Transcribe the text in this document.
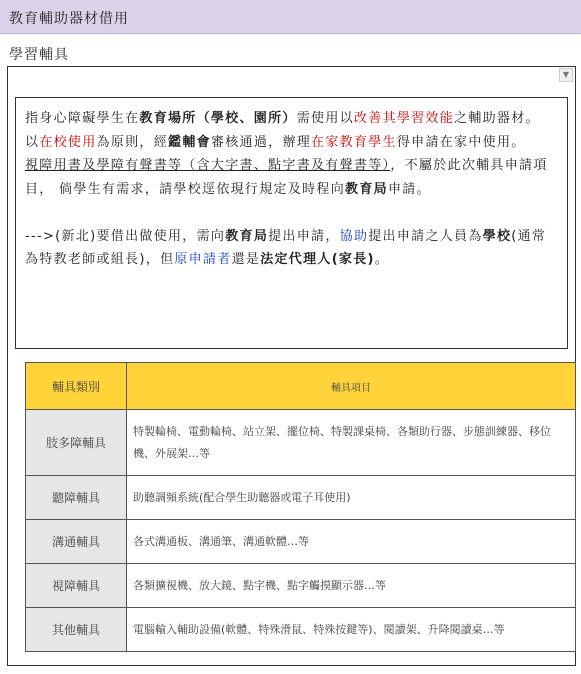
教育輔助器材借用
學習輔具
▼

指身心障礙學生在教育場所（學校、園所）需使用以改善其學習效能之輔助器材。

以在校使用為原則，經鑑輔會審核通過，辦理在家教育學生得申請在家中使用。

視障用書及學障有聲書等（含大字書、點字書及有聲書等），不屬於此次輔具申請項目， 倘學生有需求，請學校逕依現行規定及時程向教育局申請。

--->(新北)要借出做使用，需向教育局提出申請，協助提出申請之人員為學校(通常為特教老師或組長)，但原申請者還是法定代理人(家長)。

輔具類別	輔具項目
肢多障輔具	特製輪椅、電動輪椅、站立架、擺位椅、特製課桌椅、各類助行器、步態訓練器、移位機、外展架…等
聽障輔具	助聽調頻系統(配合學生助聽器或電子耳使用)
溝通輔具	各式溝通板、溝通筆、溝通軟體…等
視障輔具	各類擴視機、放大鏡、點字機、點字觸摸顯示器…等
其他輔具	電腦輸入輔助設備(軟體、特殊滑鼠、特殊按鍵等)、閱讀架、升降閱讀桌…等
